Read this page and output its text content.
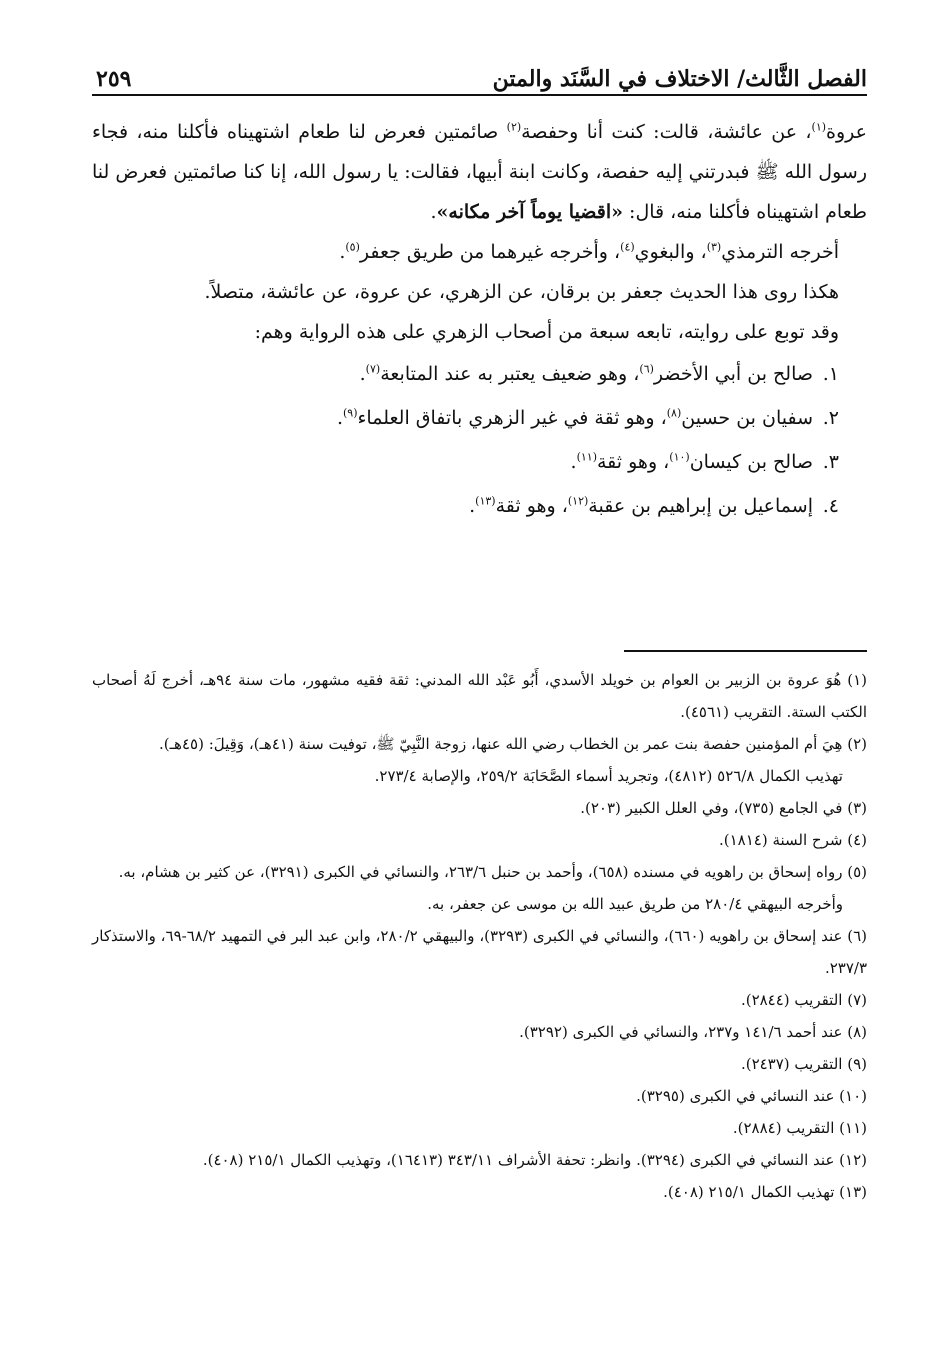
الفصل الثَّالث/ الاختلاف في السَّنَد والمتن
٢٥٩

عروة$^{(١)}$، عن عائشة، قالت: كنت أنا وحفصة$^{(٢)}$ صائمتين فعرض لنا طعام اشتهيناه فأكلنا منه، فجاء رسول الله ﷺ فبدرتني إليه حفصة، وكانت ابنة أبيها، فقالت: يا رسول الله، إنا كنا صائمتين فعرض لنا طعام اشتهيناه فأكلنا منه، قال: «اقضيا يوماً آخر مكانه».

أخرجه الترمذي$^{(٣)}$، والبغوي$^{(٤)}$، وأخرجه غيرهما من طريق جعفر$^{(٥)}$.

هكذا روى هذا الحديث جعفر بن برقان، عن الزهري، عن عروة، عن عائشة، متصلاً.

وقد توبع على روايته، تابعه سبعة من أصحاب الزهري على هذه الرواية وهم:

١.صالح بن أبي الأخضر$^{(٦)}$، وهو ضعيف يعتبر به عند المتابعة$^{(٧)}$.
٢.سفيان بن حسين$^{(٨)}$، وهو ثقة في غير الزهري باتفاق العلماء$^{(٩)}$.
٣.صالح بن كيسان$^{(١٠)}$، وهو ثقة$^{(١١)}$.
٤.إسماعيل بن إبراهيم بن عقبة$^{(١٢)}$، وهو ثقة$^{(١٣)}$.

(١) هُوَ عروة بن الزبير بن العوام بن خويلد الأسدي، أَبُو عَبْد الله المدني: ثقة فقيه مشهور، مات سنة ٩٤هـ، أخرج لَهُ أصحاب الكتب الستة. التقريب (٤٥٦١).

(٢) هِيَ أم المؤمنين حفصة بنت عمر بن الخطاب رضي الله عنها، زوجة النَّبِيّ ﷺ، توفيت سنة (٤١هـ)، وَقِيلَ: (٤٥هـ).

تهذيب الكمال ٥٢٦/٨ (٤٨١٢)، وتجريد أسماء الصَّحَابَة ٢٥٩/٢، والإصابة ٢٧٣/٤.

(٣) في الجامع (٧٣٥)، وفي العلل الكبير (٢٠٣).

(٤) شرح السنة (١٨١٤).

(٥) رواه إسحاق بن راهويه في مسنده (٦٥٨)، وأحمد بن حنبل ٢٦٣/٦، والنسائي في الكبرى (٣٢٩١)، عن كثير بن هشام، به.

وأخرجه البيهقي ٢٨٠/٤ من طريق عبيد الله بن موسى عن جعفر، به.

(٦) عند إسحاق بن راهويه (٦٦٠)، والنسائي في الكبرى (٣٢٩٣)، والبيهقي ٢٨٠/٢، وابن عبد البر في التمهيد ٦٨/٢-٦٩، والاستذكار ٢٣٧/٣.

(٧) التقريب (٢٨٤٤).

(٨) عند أحمد ١٤١/٦ و٢٣٧، والنسائي في الكبرى (٣٢٩٢).

(٩) التقريب (٢٤٣٧).

(١٠) عند النسائي في الكبرى (٣٢٩٥).

(١١) التقريب (٢٨٨٤).

(١٢) عند النسائي في الكبرى (٣٢٩٤). وانظر: تحفة الأشراف ٣٤٣/١١ (١٦٤١٣)، وتهذيب الكمال ٢١٥/١ (٤٠٨).

(١٣) تهذيب الكمال ٢١٥/١ (٤٠٨).
